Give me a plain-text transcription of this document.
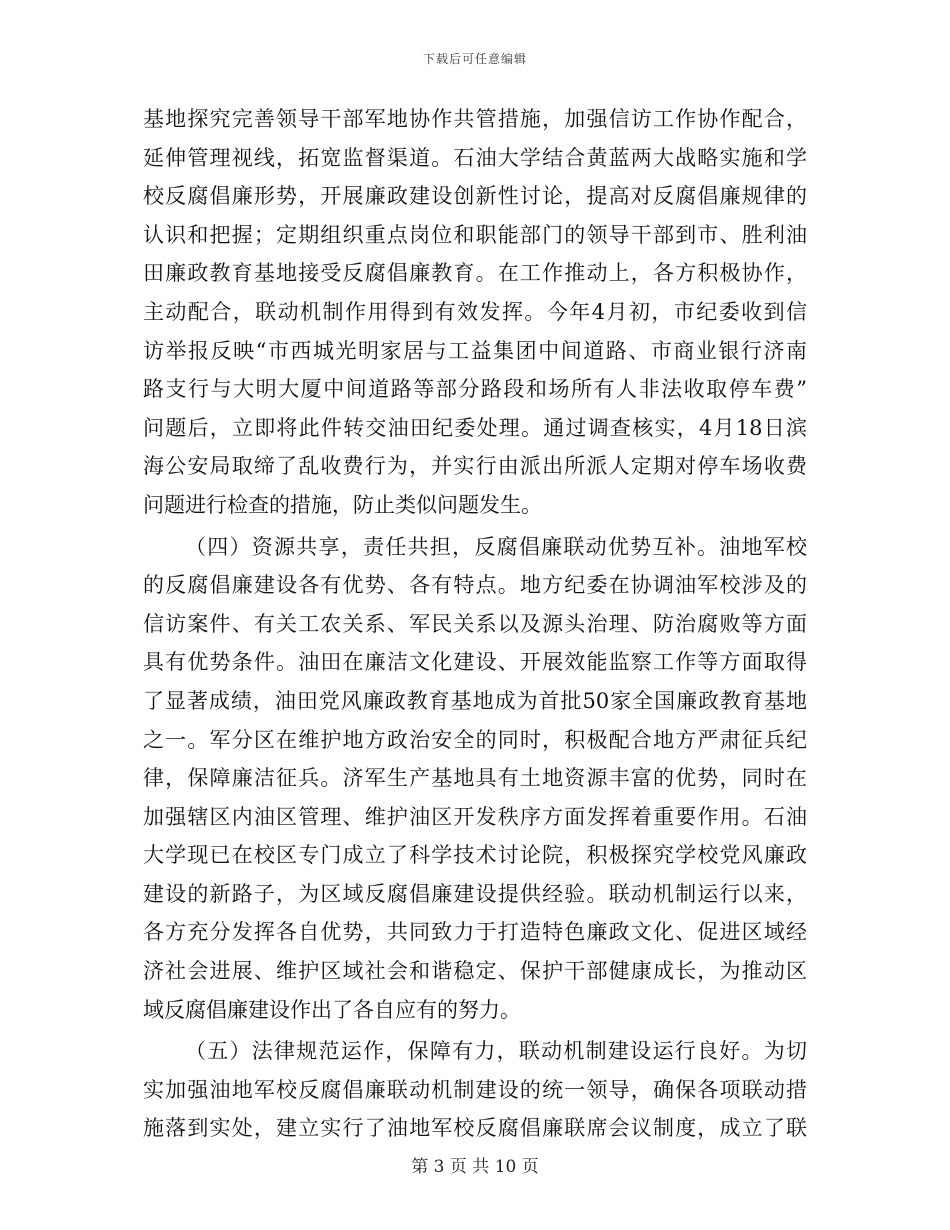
下载后可任意编辑
基地探究完善领导干部军地协作共管措施，加强信访工作协作配合，
延伸管理视线，拓宽监督渠道。石油大学结合黄蓝两大战略实施和学
校反腐倡廉形势，开展廉政建设创新性讨论，提高对反腐倡廉规律的
认识和把握；定期组织重点岗位和职能部门的领导干部到市、胜利油
田廉政教育基地接受反腐倡廉教育。在工作推动上，各方积极协作，
主动配合，联动机制作用得到有效发挥。今年4月初，市纪委收到信
访举报反映“市西城光明家居与工益集团中间道路、市商业银行济南
路支行与大明大厦中间道路等部分路段和场所有人非法收取停车费”
问题后，立即将此件转交油田纪委处理。通过调查核实，4月18日滨
海公安局取缔了乱收费行为，并实行由派出所派人定期对停车场收费
问题进行检查的措施，防止类似问题发生。
（四）资源共享，责任共担，反腐倡廉联动优势互补。油地军校
的反腐倡廉建设各有优势、各有特点。地方纪委在协调油军校涉及的
信访案件、有关工农关系、军民关系以及源头治理、防治腐败等方面
具有优势条件。油田在廉洁文化建设、开展效能监察工作等方面取得
了显著成绩，油田党风廉政教育基地成为首批50家全国廉政教育基地
之一。军分区在维护地方政治安全的同时，积极配合地方严肃征兵纪
律，保障廉洁征兵。济军生产基地具有土地资源丰富的优势，同时在
加强辖区内油区管理、维护油区开发秩序方面发挥着重要作用。石油
大学现已在校区专门成立了科学技术讨论院，积极探究学校党风廉政
建设的新路子，为区域反腐倡廉建设提供经验。联动机制运行以来，
各方充分发挥各自优势，共同致力于打造特色廉政文化、促进区域经
济社会进展、维护区域社会和谐稳定、保护干部健康成长，为推动区
域反腐倡廉建设作出了各自应有的努力。
（五）法律规范运作，保障有力，联动机制建设运行良好。为切
实加强油地军校反腐倡廉联动机制建设的统一领导，确保各项联动措
施落到实处，建立实行了油地军校反腐倡廉联席会议制度，成立了联
第 3 页 共 10 页
